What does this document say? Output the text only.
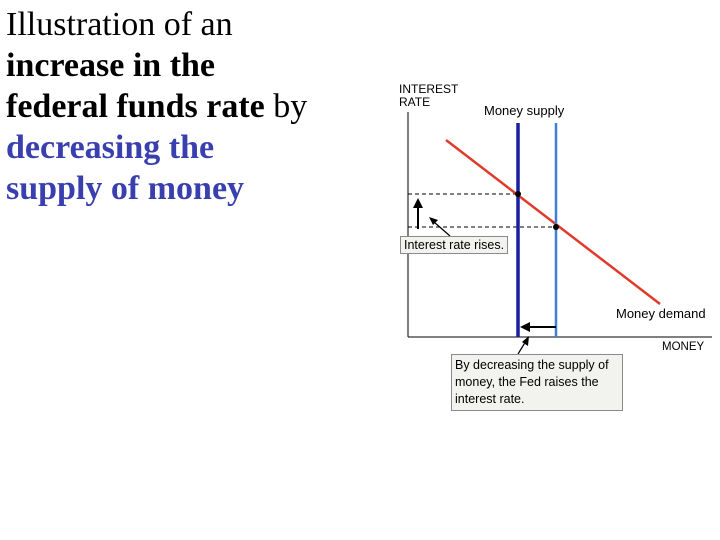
Illustration of an
increase in the
federal funds rate by
decreasing the
supply of money
INTEREST
RATE
Money supply
Money demand
MONEY
Interest rate rises.
By decreasing the supply of money, the Fed raises the interest rate.
